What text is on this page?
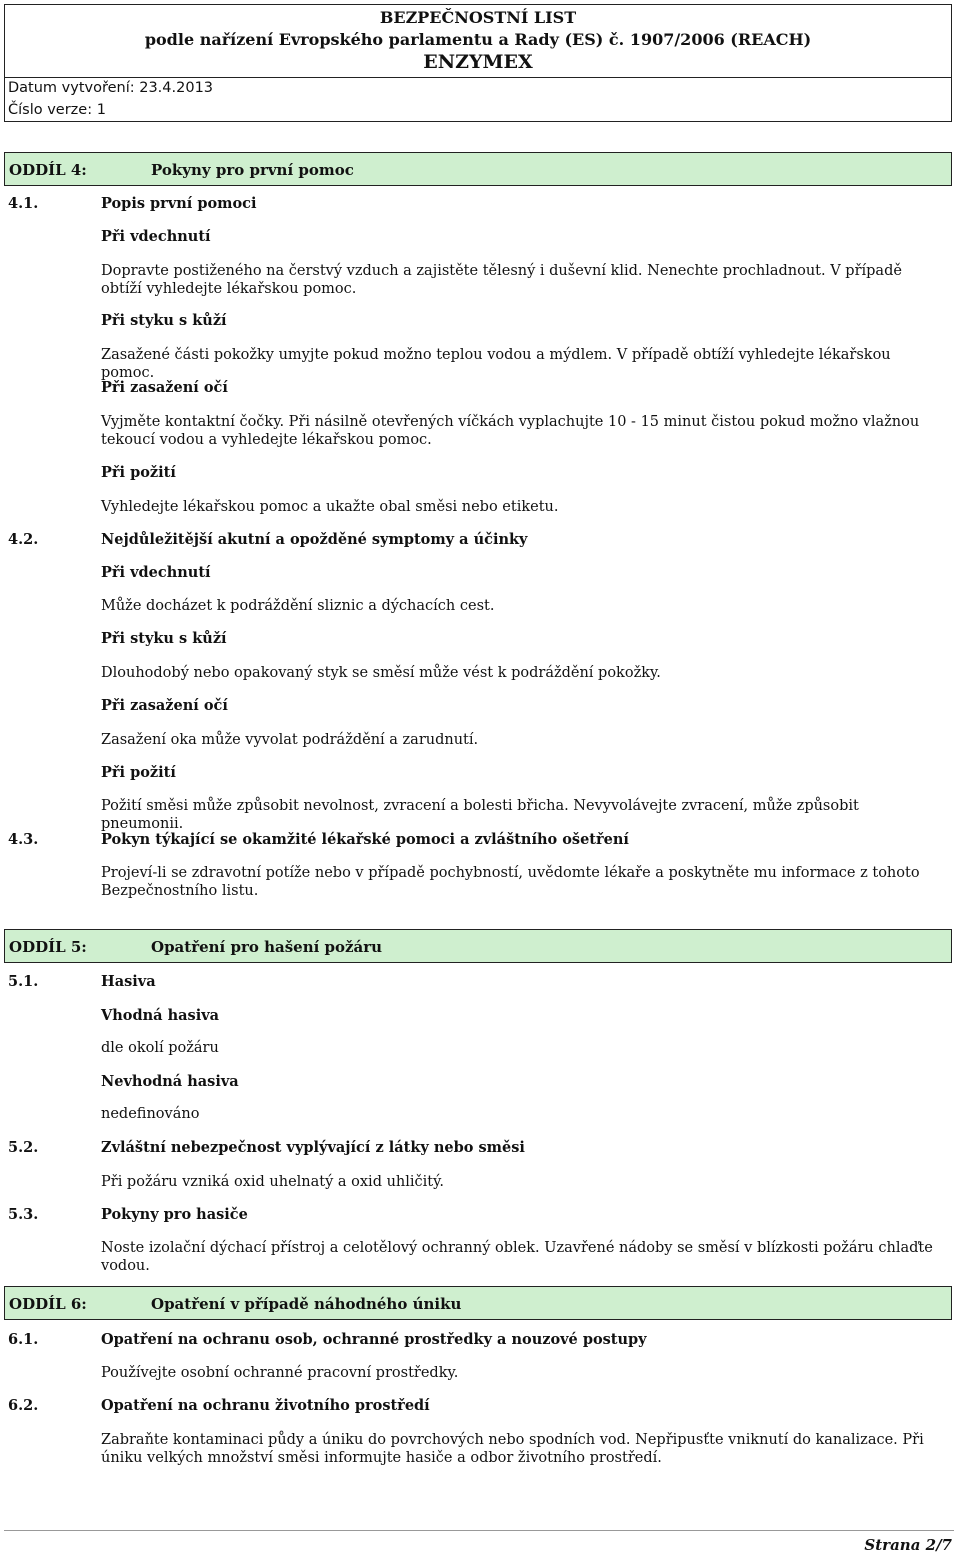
BEZPEČNOSTNÍ LIST
podle nařízení Evropského parlamentu a Rady (ES) č. 1907/2006 (REACH)
ENZYMEX
Datum vytvoření: 23.4.2013
Číslo verze: 1
ODDÍL 4:	Pokyny pro první pomoc
4.1.	Popis první pomoci
Při vdechnutí
Dopravte postiženého na čerstvý vzduch a zajistěte tělesný i duševní klid. Nenechte prochladnout. V případě obtíží vyhledejte lékařskou pomoc.
Při styku s kůží
Zasažené části pokožky umyjte pokud možno teplou vodou a mýdlem. V případě obtíží vyhledejte lékařskou pomoc.
Při zasažení očí
Vyjměte kontaktní čočky. Při násilně otevřených víčkách vyplachujte 10 - 15 minut čistou pokud možno vlažnou tekoucí vodou a vyhledejte lékařskou pomoc.
Při požití
Vyhledejte lékařskou pomoc a ukažte obal směsi nebo etiketu.
4.2.	Nejdůležitější akutní a opožděné symptomy a účinky
Při vdechnutí
Může docházet k podráždění sliznic a dýchacích cest.
Při styku s kůží
Dlouhodobý nebo opakovaný styk se směsí může vést k podráždění pokožky.
Při zasažení očí
Zasažení oka může vyvolat podráždění a zarudnutí.
Při požití
Požití směsi může způsobit nevolnost, zvracení a bolesti břicha. Nevyvolávejte zvracení, může způsobit pneumonii.
4.3.	Pokyn týkající se okamžité lékařské pomoci a zvláštního ošetření
Projeví-li se zdravotní potíže nebo v případě pochybností, uvědomte lékaře a poskytněte mu informace z tohoto Bezpečnostního listu.
ODDÍL 5:	Opatření pro hašení požáru
5.1.	Hasiva
Vhodná hasiva
dle okolí požáru
Nevhodná hasiva
nedefinováno
5.2.	Zvláštní nebezpečnost vyplývající z látky nebo směsi
Při požáru vzniká oxid uhelnatý a oxid uhličitý.
5.3.	Pokyny pro hasiče
Noste izolační dýchací přístroj a celotělový ochranný oblek. Uzavřené nádoby se směsí v blízkosti požáru chlaďte vodou.
ODDÍL 6:	Opatření v případě náhodného úniku
6.1.	Opatření na ochranu osob, ochranné prostředky a nouzové postupy
Používejte osobní ochranné pracovní prostředky.
6.2.	Opatření na ochranu životního prostředí
Zabraňte kontaminaci půdy a úniku do povrchových nebo spodních vod. Nepřipusťte vniknutí do kanalizace. Při úniku velkých množství směsi informujte hasiče a odbor životního prostředí.
Strana 2/7
